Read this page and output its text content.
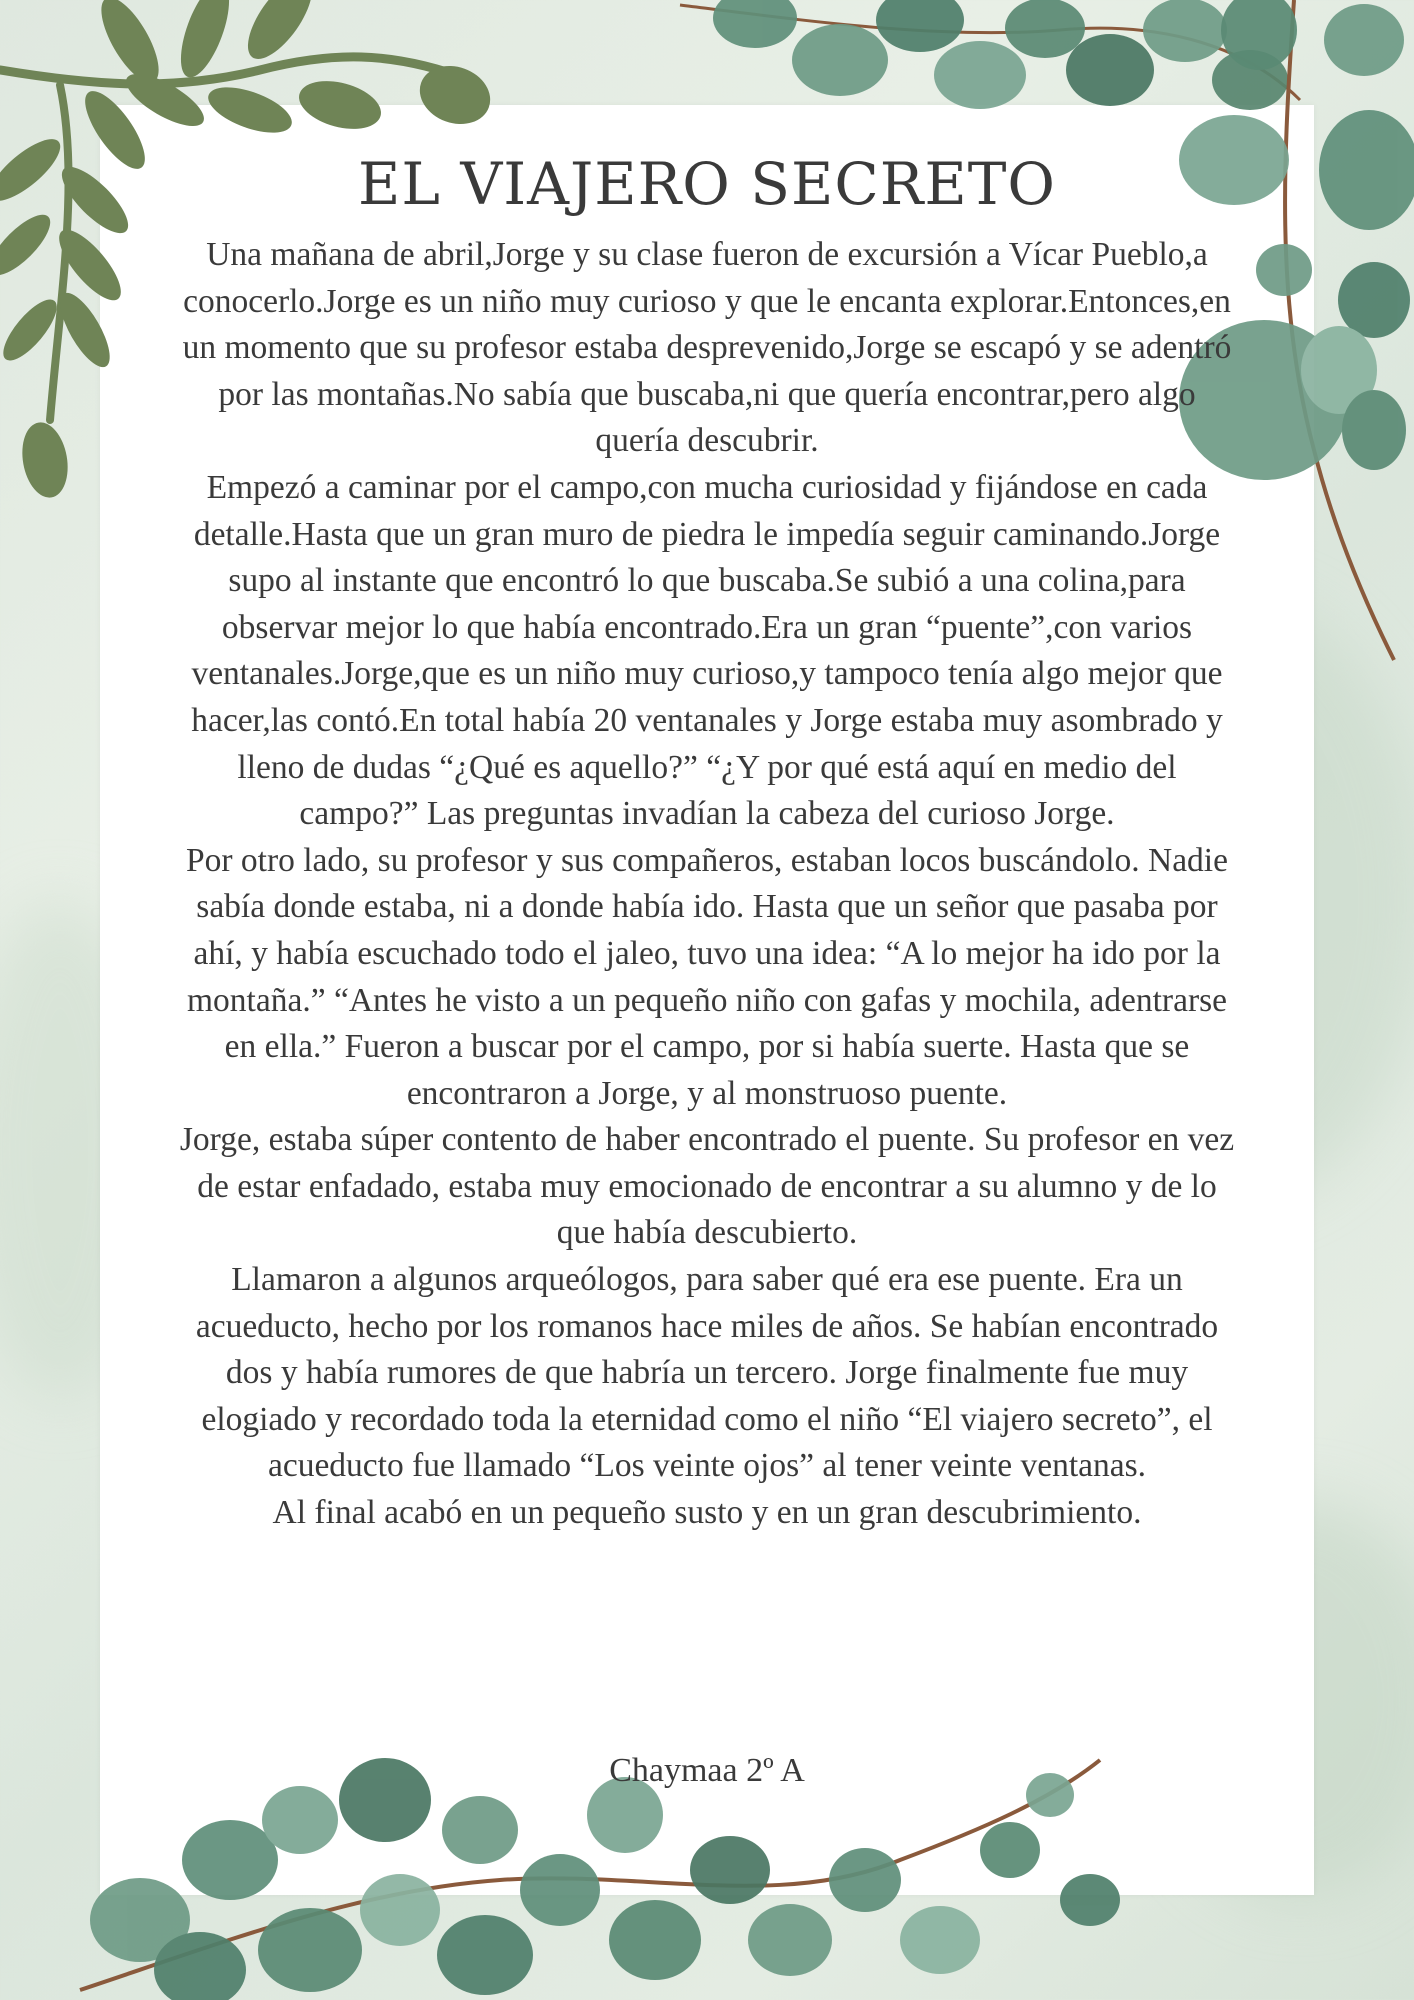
EL VIAJERO SECRETO

Una mañana de abril,Jorge y su clase fueron de excursión a Vícar Pueblo,a conocerlo.Jorge es un niño muy curioso y que le encanta explorar.Entonces,en un momento que su profesor estaba desprevenido,Jorge se escapó y se adentró por las montañas.No sabía que buscaba,ni que quería encontrar,pero algo quería descubrir.

Empezó a caminar por el campo,con mucha curiosidad y fijándose en cada detalle.Hasta que un gran muro de piedra le impedía seguir caminando.Jorge supo al instante que encontró lo que buscaba.Se subió a una colina,para observar mejor lo que había encontrado.Era un gran “puente”,con varios ventanales.Jorge,que es un niño muy curioso,y tampoco tenía algo mejor que hacer,las contó.En total había 20 ventanales y Jorge estaba muy asombrado y lleno de dudas “¿Qué es aquello?” “¿Y por qué está aquí en medio del campo?” Las preguntas invadían la cabeza del curioso Jorge.

Por otro lado, su profesor y sus compañeros, estaban locos buscándolo. Nadie sabía donde estaba, ni a donde había ido. Hasta que un señor que pasaba por ahí, y había escuchado todo el jaleo, tuvo una idea: “A lo mejor ha ido por la montaña.” “Antes he visto a un pequeño niño con gafas y mochila, adentrarse en ella.” Fueron a buscar por el campo, por si había suerte. Hasta que se encontraron a Jorge, y al monstruoso puente.

Jorge, estaba súper contento de haber encontrado el puente. Su profesor en vez de estar enfadado, estaba muy emocionado de encontrar a su alumno y de lo que había descubierto.

Llamaron a algunos arqueólogos, para saber qué era ese puente. Era un acueducto, hecho por los romanos hace miles de años. Se habían encontrado dos y había rumores de que habría un tercero. Jorge finalmente fue muy elogiado y recordado toda la eternidad como el niño “El viajero secreto”, el acueducto fue llamado “Los veinte ojos” al tener veinte ventanas.

Al final acabó en un pequeño susto y en un gran descubrimiento.

Chaymaa 2º A
